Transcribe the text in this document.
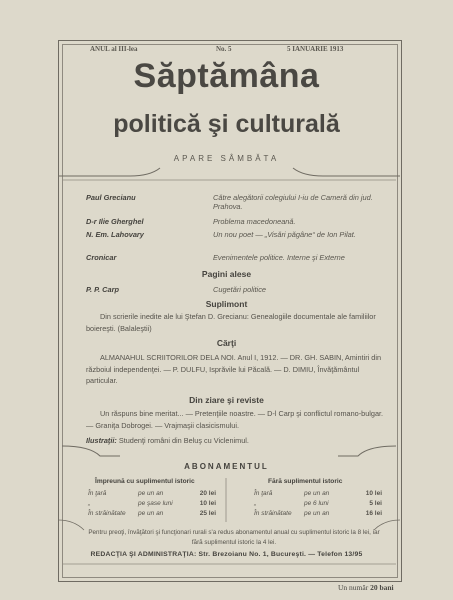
ANUL al III-lea	No. 5	5 IANUARIE 1913
Săptămâna
politică şi culturală
APARE SÂMBĂTA
Paul Grecianu	Către alegătorii colegiului I-iu de Cameră din jud. Prahova.
D-r Ilie Gherghel	Problema macedoneană.
N. Em. Lahovary	Un nou poet — „Visări păgâne“ de Ion Pilat.
Cronicar	Evenimentele politice. Interne şi Externe
Pagini alese
P. P. Carp	Cugetări politice
Suplimont
Din scrierile inedite ale lui Ştefan D. Grecianu: Genealogiile documentale ale familiilor boiereşti. (Balaleştii)
Cărţi
ALMANAHUL SCRIITORILOR DELA NOI. Anul I, 1912. — DR. GH. SABIN, Amintiri din războiul independenţei. — P. DULFU, Isprăvile lui Păcală. — D. DIMIU, Învăţământul particular.
Din ziare şi reviste
Un răspuns bine meritat... — Pretenţiile noastre. — D-l Carp şi conflictul romano-bulgar. — Graniţa Dobrogei. — Vrajmaşii clasicismului.
Ilustraţii: Studenţi români din Beluş cu Viclenimul.
ABONAMENTUL
Împreună cu suplimentul istoric	Fără suplimentul istoric
În ţară	pe un an	20 lei
„	pe şase luni	10 lei
În străinătate pe un an	25 lei
În ţară	pe un an	10 lei
„	pe 6 luni	5 lei
În străinătate pe un an	16 lei
Pentru preoţi, învăţători şi funcţionari rurali s'a redus abonamentul anual cu suplimentul istoric la 8 lei, iar fără suplimentul istoric la 4 lei.
REDACŢIA ŞI ADMINISTRAŢIA: Str. Brezoianu No. 1, Bucureşti. — Telefon 13/95
Un număr 20 bani
